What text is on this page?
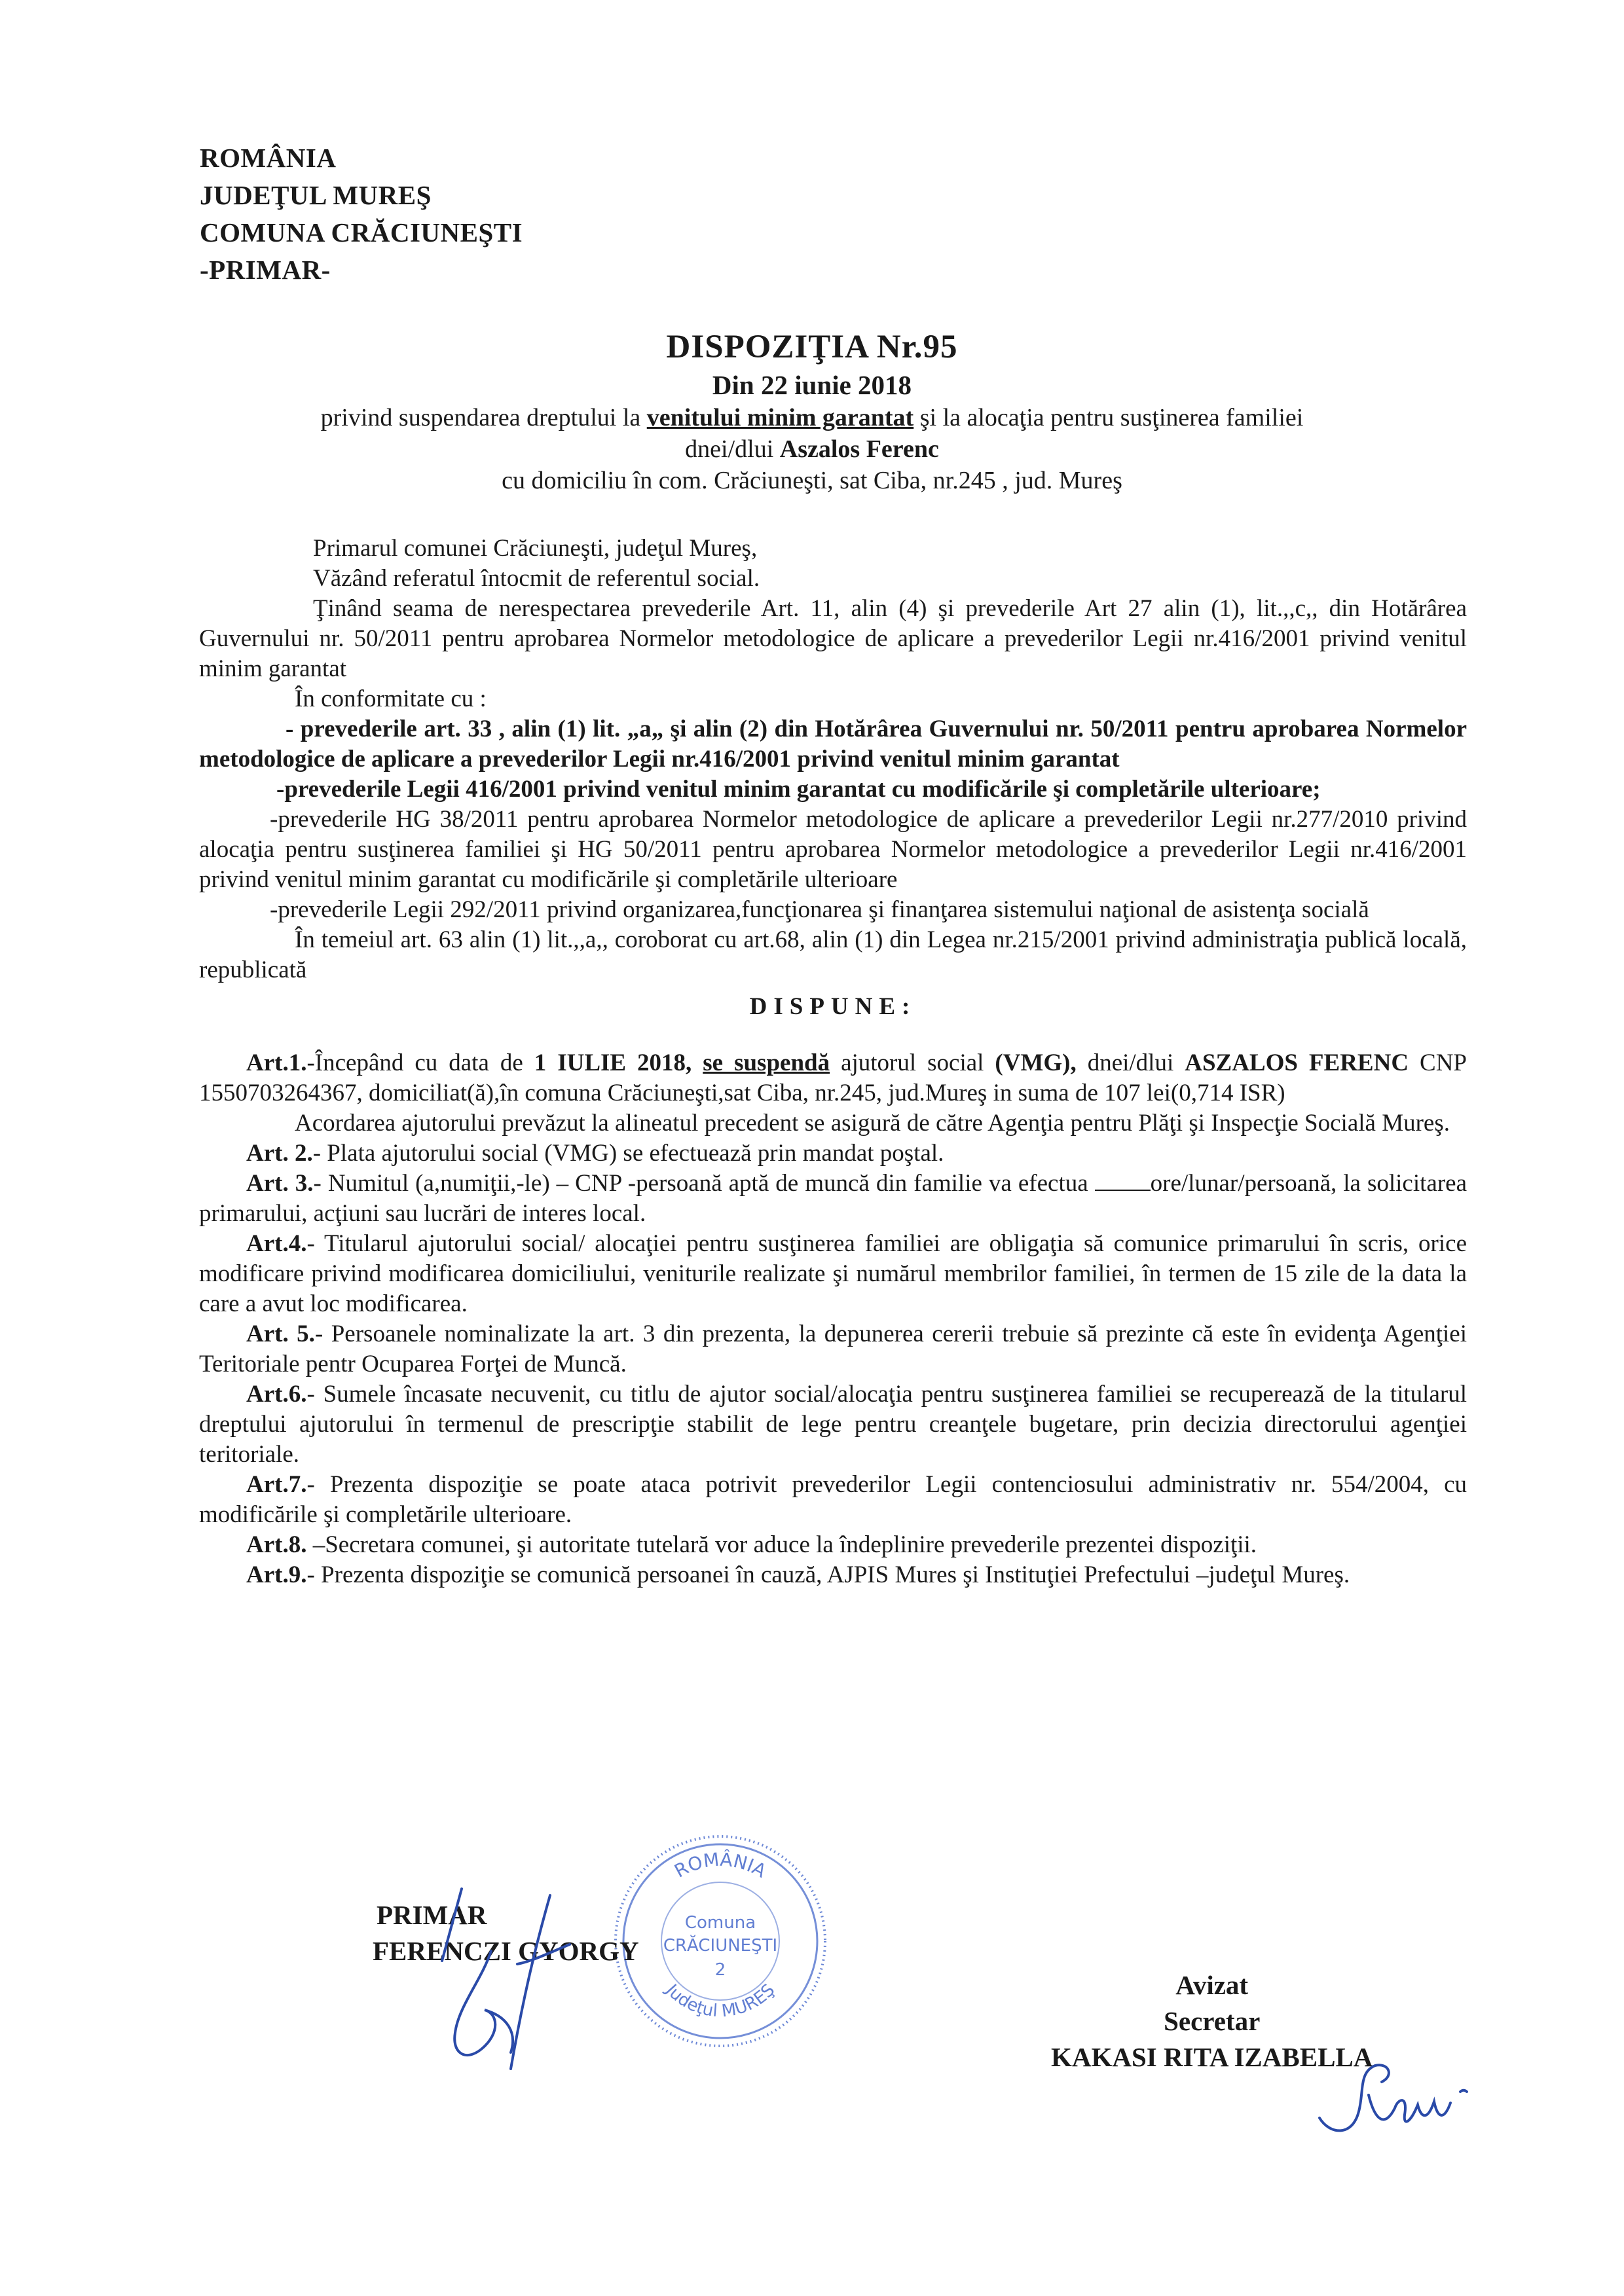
ROMÂNIA
JUDEŢUL MUREŞ
COMUNA CRĂCIUNEŞTI
-PRIMAR-
DISPOZIŢIA Nr.95
Din 22 iunie 2018
privind suspendarea dreptului la venitului minim garantat şi la alocaţia pentru susţinerea familiei
dnei/dlui Aszalos Ferenc
cu domiciliu în com. Crăciuneşti, sat Ciba, nr.245 , jud. Mureş

Primarul comunei Crăciuneşti, judeţul Mureş,

Văzând referatul întocmit de referentul social.

Ţinând seama de nerespectarea prevederile Art. 11, alin (4) şi prevederile Art 27 alin (1), lit.,,c,, din Hotărârea Guvernului nr. 50/2011 pentru aprobarea Normelor metodologice de aplicare a prevederilor Legii nr.416/2001 privind venitul minim garantat

În conformitate cu :

- prevederile art. 33 , alin (1) lit. „a„ şi alin (2) din Hotărârea Guvernului nr. 50/2011 pentru aprobarea Normelor metodologice de aplicare a prevederilor Legii nr.416/2001 privind venitul minim garantat

-prevederile Legii 416/2001 privind venitul minim garantat cu modificările şi completările ulterioare;

-prevederile HG 38/2011 pentru aprobarea Normelor metodologice de aplicare a prevederilor Legii nr.277/2010 privind alocaţia pentru susţinerea familiei şi HG 50/2011 pentru aprobarea Normelor metodologice a prevederilor Legii nr.416/2001 privind venitul minim garantat cu modificările şi completările ulterioare

-prevederile Legii 292/2011 privind organizarea,funcţionarea şi finanţarea sistemului naţional de asistenţa socială

În temeiul art. 63 alin (1) lit.,,a,, coroborat cu art.68, alin (1) din Legea nr.215/2001 privind administraţia publică locală, republicată

DISPUNE:

Art.1.-Începând cu data de 1 IULIE 2018, se suspendă ajutorul social (VMG), dnei/dlui ASZALOS FERENC CNP 1550703264367, domiciliat(ă),în comuna Crăciuneşti,sat Ciba, nr.245, jud.Mureş in suma de 107 lei(0,714 ISR)

Acordarea ajutorului prevăzut la alineatul precedent se asigură de către Agenţia pentru Plăţi şi Inspecţie Socială Mureş.

Art. 2.- Plata ajutorului social (VMG) se efectuează prin mandat poştal.

Art. 3.- Numitul (a,numiţii,-le) – CNP -persoană aptă de muncă din familie va efectua ore/lunar/persoană, la solicitarea primarului, acţiuni sau lucrări de interes local.

Art.4.- Titularul ajutorului social/ alocaţiei pentru susţinerea familiei are obligaţia să comunice primarului în scris, orice modificare privind modificarea domiciliului, veniturile realizate şi numărul membrilor familiei, în termen de 15 zile de la data la care a avut loc modificarea.

Art. 5.- Persoanele nominalizate la art. 3 din prezenta, la depunerea cererii trebuie să prezinte că este în evidenţa Agenţiei Teritoriale pentr Ocuparea Forţei de Muncă.

Art.6.- Sumele încasate necuvenit, cu titlu de ajutor social/alocaţia pentru susţinerea familiei se recuperează de la titularul dreptului ajutorului în termenul de prescripţie stabilit de lege pentru creanţele bugetare, prin decizia directorului agenţiei teritoriale.

Art.7.- Prezenta dispoziţie se poate ataca potrivit prevederilor Legii contenciosului administrativ nr. 554/2004, cu modificările şi completările ulterioare.

Art.8. –Secretara comunei, şi autoritate tutelară vor aduce la îndeplinire prevederile prezentei dispoziţii.

Art.9.- Prezenta dispoziţie se comunică persoanei în cauză, AJPIS Mures şi Instituţiei Prefectului –judeţul Mureş.

ROMÂNIA
Judeţul MUREŞ
Comuna
CRĂCIUNEŞTI
2
PRIMAR
FERENCZI GYORGY
Avizat
Secretar
KAKASI RITA IZABELLA
